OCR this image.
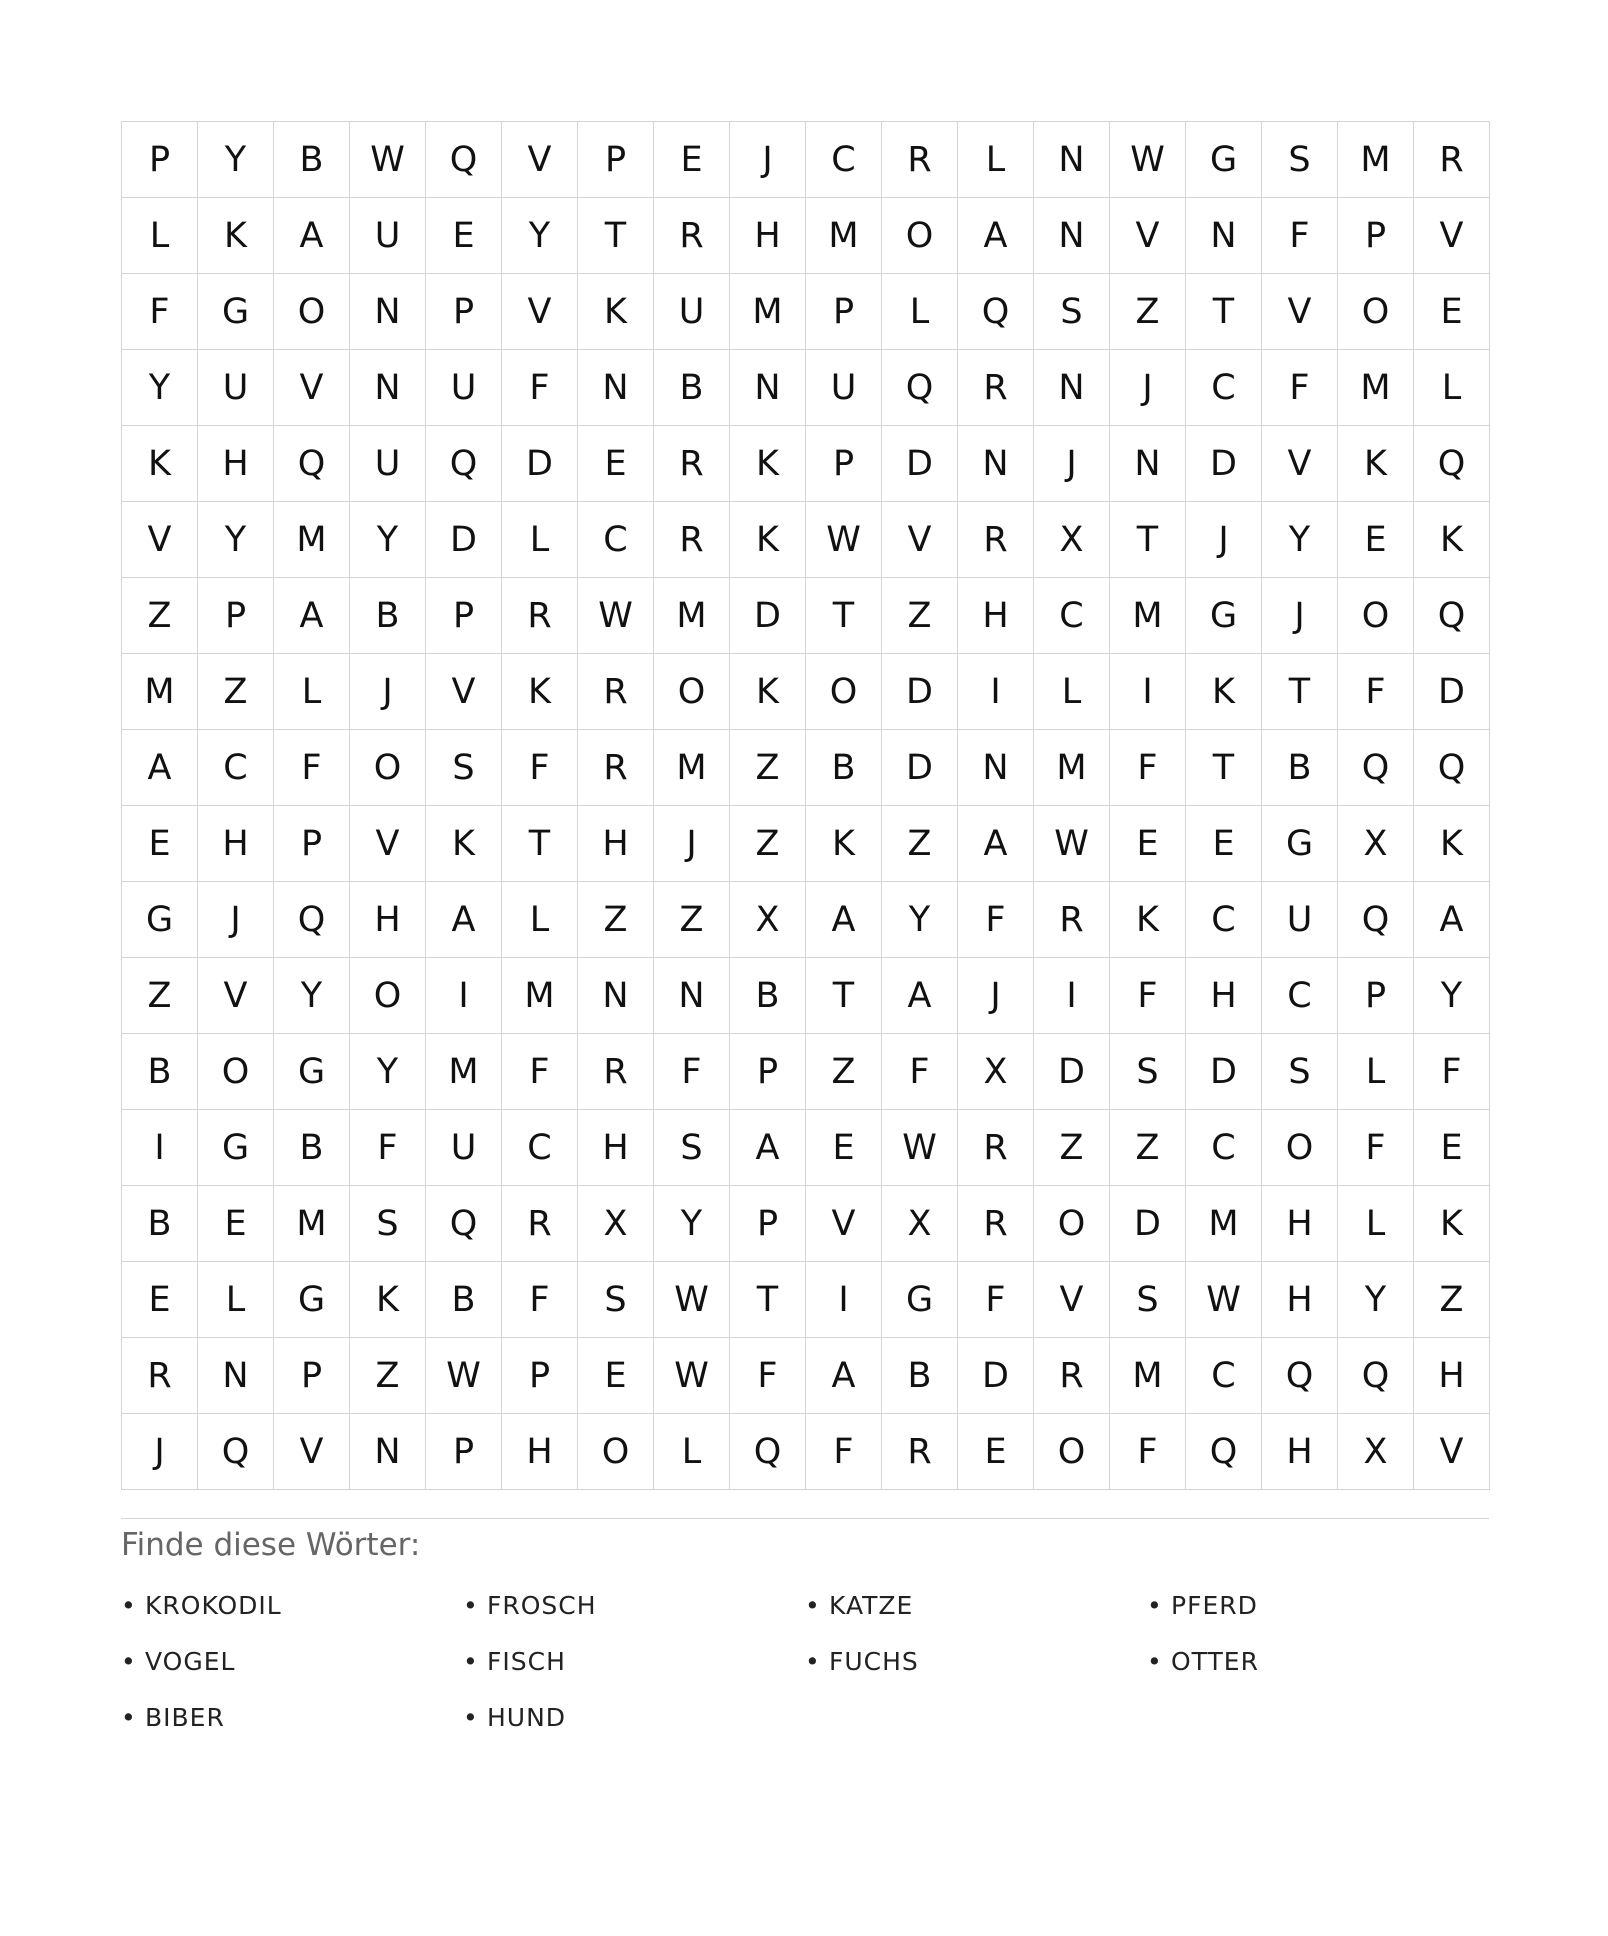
P	Y	B	W	Q	V	P	E	J	C	R	L	N	W	G	S	M	R
L	K	A	U	E	Y	T	R	H	M	O	A	N	V	N	F	P	V
F	G	O	N	P	V	K	U	M	P	L	Q	S	Z	T	V	O	E
Y	U	V	N	U	F	N	B	N	U	Q	R	N	J	C	F	M	L
K	H	Q	U	Q	D	E	R	K	P	D	N	J	N	D	V	K	Q
V	Y	M	Y	D	L	C	R	K	W	V	R	X	T	J	Y	E	K
Z	P	A	B	P	R	W	M	D	T	Z	H	C	M	G	J	O	Q
M	Z	L	J	V	K	R	O	K	O	D	I	L	I	K	T	F	D
A	C	F	O	S	F	R	M	Z	B	D	N	M	F	T	B	Q	Q
E	H	P	V	K	T	H	J	Z	K	Z	A	W	E	E	G	X	K
G	J	Q	H	A	L	Z	Z	X	A	Y	F	R	K	C	U	Q	A
Z	V	Y	O	I	M	N	N	B	T	A	J	I	F	H	C	P	Y
B	O	G	Y	M	F	R	F	P	Z	F	X	D	S	D	S	L	F
I	G	B	F	U	C	H	S	A	E	W	R	Z	Z	C	O	F	E
B	E	M	S	Q	R	X	Y	P	V	X	R	O	D	M	H	L	K
E	L	G	K	B	F	S	W	T	I	G	F	V	S	W	H	Y	Z
R	N	P	Z	W	P	E	W	F	A	B	D	R	M	C	Q	Q	H
J	Q	V	N	P	H	O	L	Q	F	R	E	O	F	Q	H	X	V
Finde diese Wörter:
• KROKODIL	• FROSCH	• KATZE	• PFERD
• VOGEL	• FISCH	• FUCHS	• OTTER
• BIBER	• HUND
